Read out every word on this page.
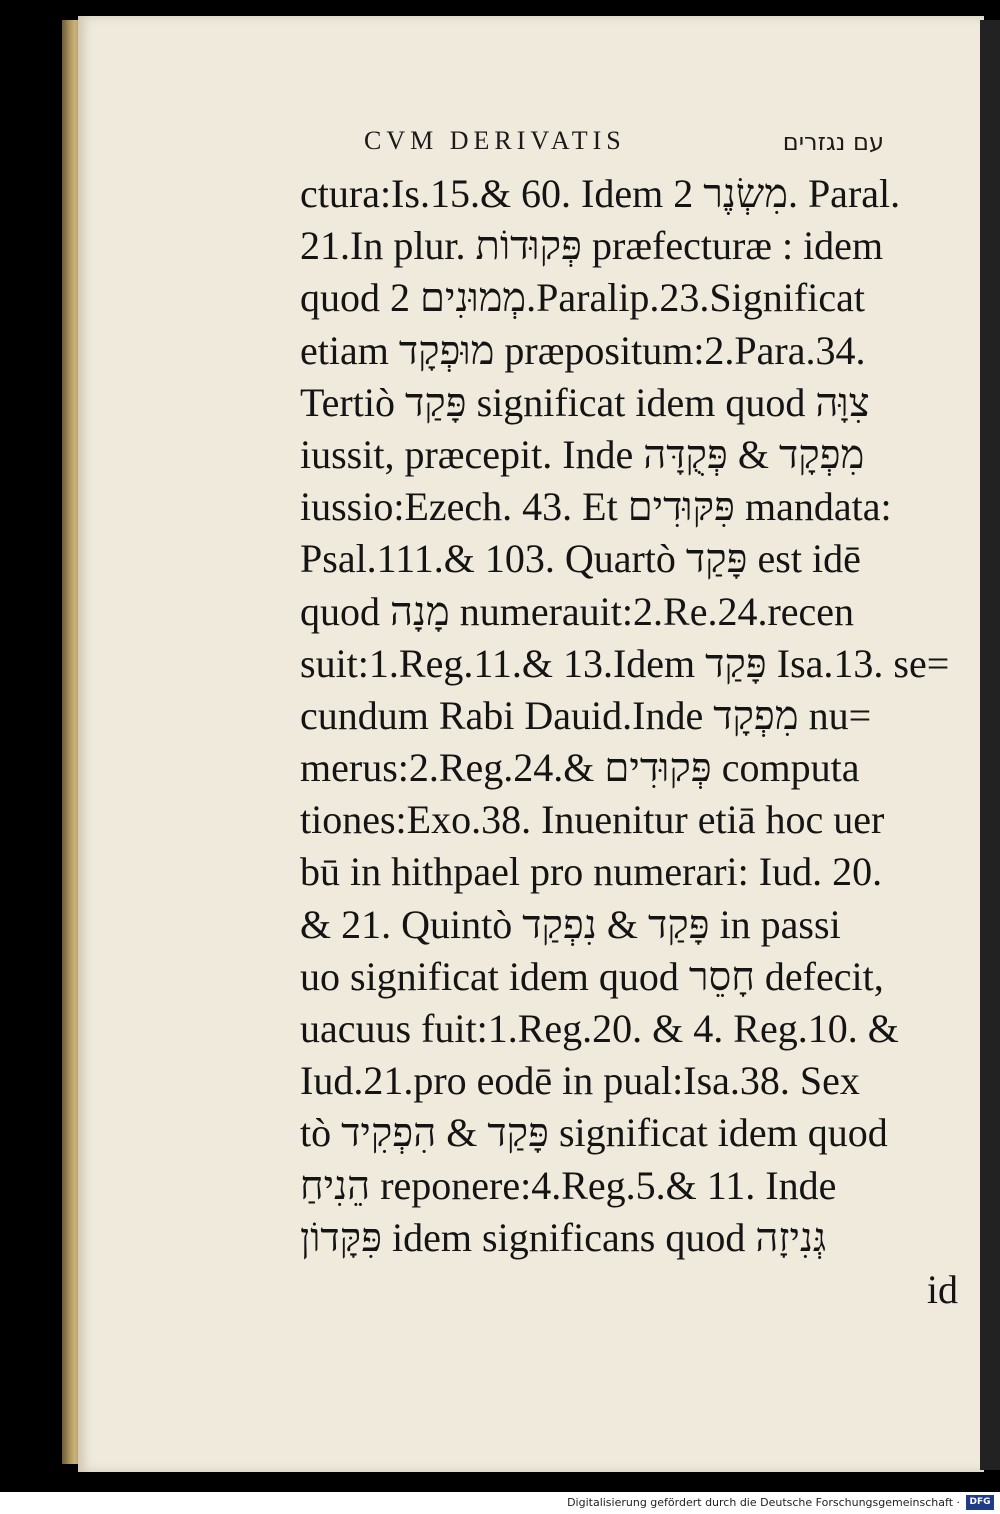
CVM DERIVATIS	עם נגזרים
ctura:Is.15.& 60. Idem מִשְׂנֶר 2. Paral.
21.In plur. פְּקוּדוֹת præfecturæ : idem
quod מְמוּנִים 2.Paralip.23.Significat
etiam מוּפְקָד præpositum:2.Para.34.
Tertiò פָּקַד significat idem quod צִוָּה
iussit, præcepit. Inde מִפְקָד & פְּקֻדָּה
iussio:Ezech. 43. Et פִּקּוּדִים mandata:
Psal.111.& 103. Quartò פָּקַד est idē
quod מָנָה numerauit:2.Re.24.recen
suit:1.Reg.11.& 13.Idem פָּקַד Isa.13. se=
cundum Rabi Dauid.Inde מִפְקָד nu=
merus:2.Reg.24.& פְּקוּדִים computa
tiones:Exo.38. Inuenitur etiā hoc uer
bū in hithpael pro numerari: Iud. 20.
& 21. Quintò פָּקַד & נִפְקַד in passi
uo significat idem quod חָסֵר defecit,
uacuus fuit:1.Reg.20. & 4. Reg.10. &
Iud.21.pro eodē in pual:Isa.38. Sex
tò פָּקַד & הִפְקִיד significat idem quod
הֵנִיחַ reponere:4.Reg.5.& 11. Inde
פִּקָּדוֹן idem significans quod גְּנִיזָה
id
Digitalisierung gefördert durch die Deutsche Forschungsgemeinschaft ·	DFG
